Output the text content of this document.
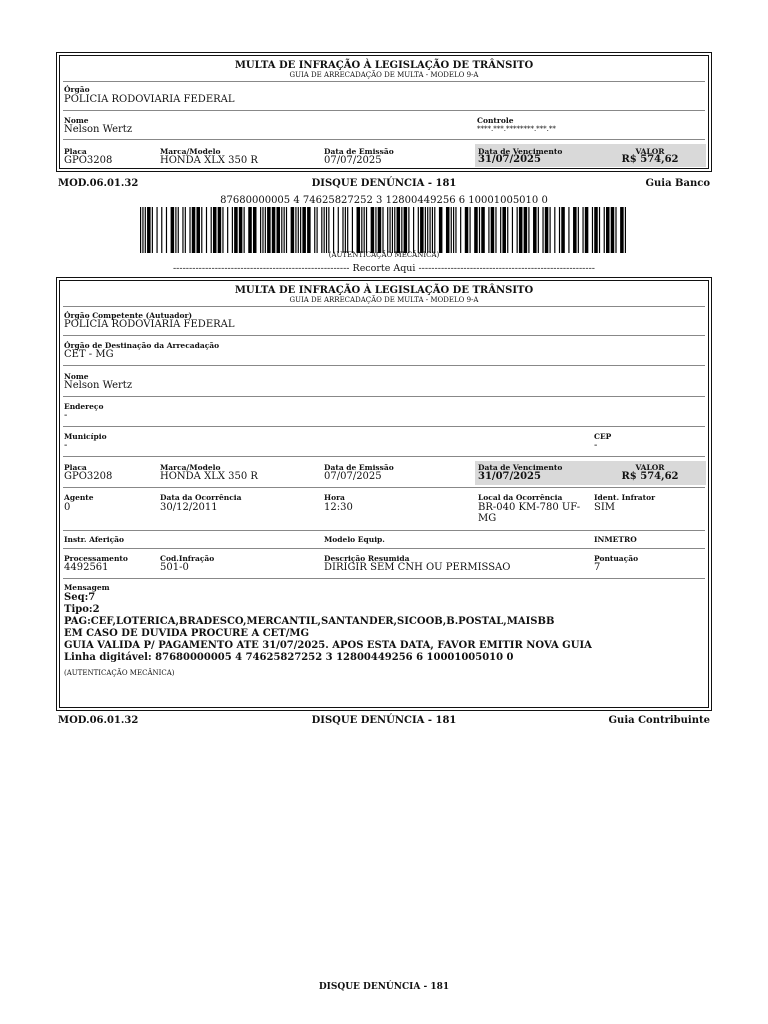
MULTA DE INFRAÇÃO À LEGISLAÇÃO DE TRÂNSITO
GUIA DE ARRECADAÇÃO DE MULTA - MODELO 9-A
Órgão
POLICIA RODOVIARIA FEDERAL
Nome
Nelson Wertz
Controle
****.***.********.***.**
Placa
GPO3208
Marca/Modelo
HONDA XLX 350 R
Data de Emissão
07/07/2025
Data de Vencimento
31/07/2025
VALOR
R$ 574,62
MOD.06.01.32	DISQUE DENÚNCIA - 181	Guia Banco
87680000005 4 74625827252 3 12800449256 6 10001005010 0
(AUTENTICAÇÃO MECÂNICA)
------------------------------------------------------- Recorte Aqui -------------------------------------------------------
MULTA DE INFRAÇÃO À LEGISLAÇÃO DE TRÂNSITO
GUIA DE ARRECADAÇÃO DE MULTA - MODELO 9-A
Órgão Competente (Autuador)
POLICIA RODOVIARIA FEDERAL
Órgão de Destinação da Arrecadação
CET - MG
Nome
Nelson Wertz
Endereço
-
Município
-
CEP
-
Placa
GPO3208
Marca/Modelo
HONDA XLX 350 R
Data de Emissão
07/07/2025
Data de Vencimento
31/07/2025
VALOR
R$ 574,62
Agente
0
Data da Ocorrência
30/12/2011
Hora
12:30
Local da Ocorrência
BR-040 KM-780 UF-MG
Ident. Infrator
SIM
Instr. Aferição	Modelo Equip.	INMETRO
Processamento
4492561
Cod.Infração
501-0
Descrição Resumida
DIRIGIR SEM CNH OU PERMISSAO
Pontuação
7
Mensagem
Seq:7
Tipo:2
PAG:CEF,LOTERICA,BRADESCO,MERCANTIL,SANTANDER,SICOOB,B.POSTAL,MAISBB
EM CASO DE DUVIDA PROCURE A CET/MG
GUIA VALIDA P/ PAGAMENTO ATE 31/07/2025. APOS ESTA DATA, FAVOR EMITIR NOVA GUIA
Linha digitável: 87680000005 4 74625827252 3 12800449256 6 10001005010 0
(AUTENTICAÇÃO MECÂNICA)
MOD.06.01.32	DISQUE DENÚNCIA - 181	Guia Contribuinte
DISQUE DENÚNCIA - 181
